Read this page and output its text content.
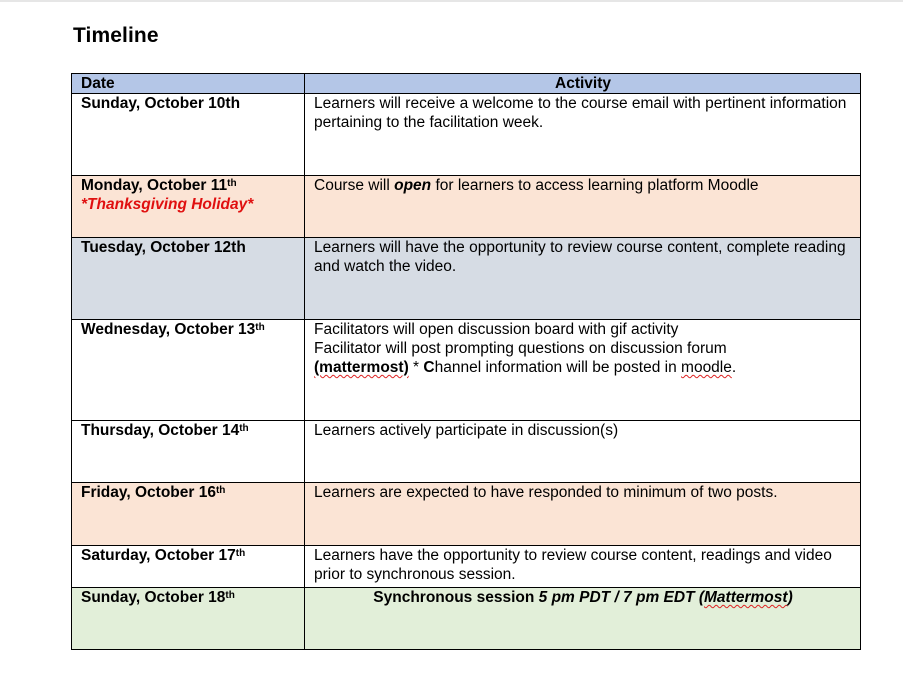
Timeline
Date	Activity
Sunday, October 10th	Learners will receive a welcome to the course email with pertinent information pertaining to the facilitation week.
Monday, October 11th
*Thanksgiving Holiday*	Course will open for learners to access learning platform Moodle
Tuesday, October 12th	Learners will have the opportunity to review course content, complete reading and watch the video.
Wednesday, October 13th	Facilitators will open discussion board with gif activity
Facilitator will post prompting questions on discussion forum
(mattermost) * Channel information will be posted in moodle.
Thursday, October 14th	Learners actively participate in discussion(s)
Friday, October 16th	Learners are expected to have responded to minimum of two posts.
Saturday, October 17th	Learners have the opportunity to review course content, readings and video prior to synchronous session.
Sunday, October 18th	Synchronous session 5 pm PDT / 7 pm EDT (Mattermost)
